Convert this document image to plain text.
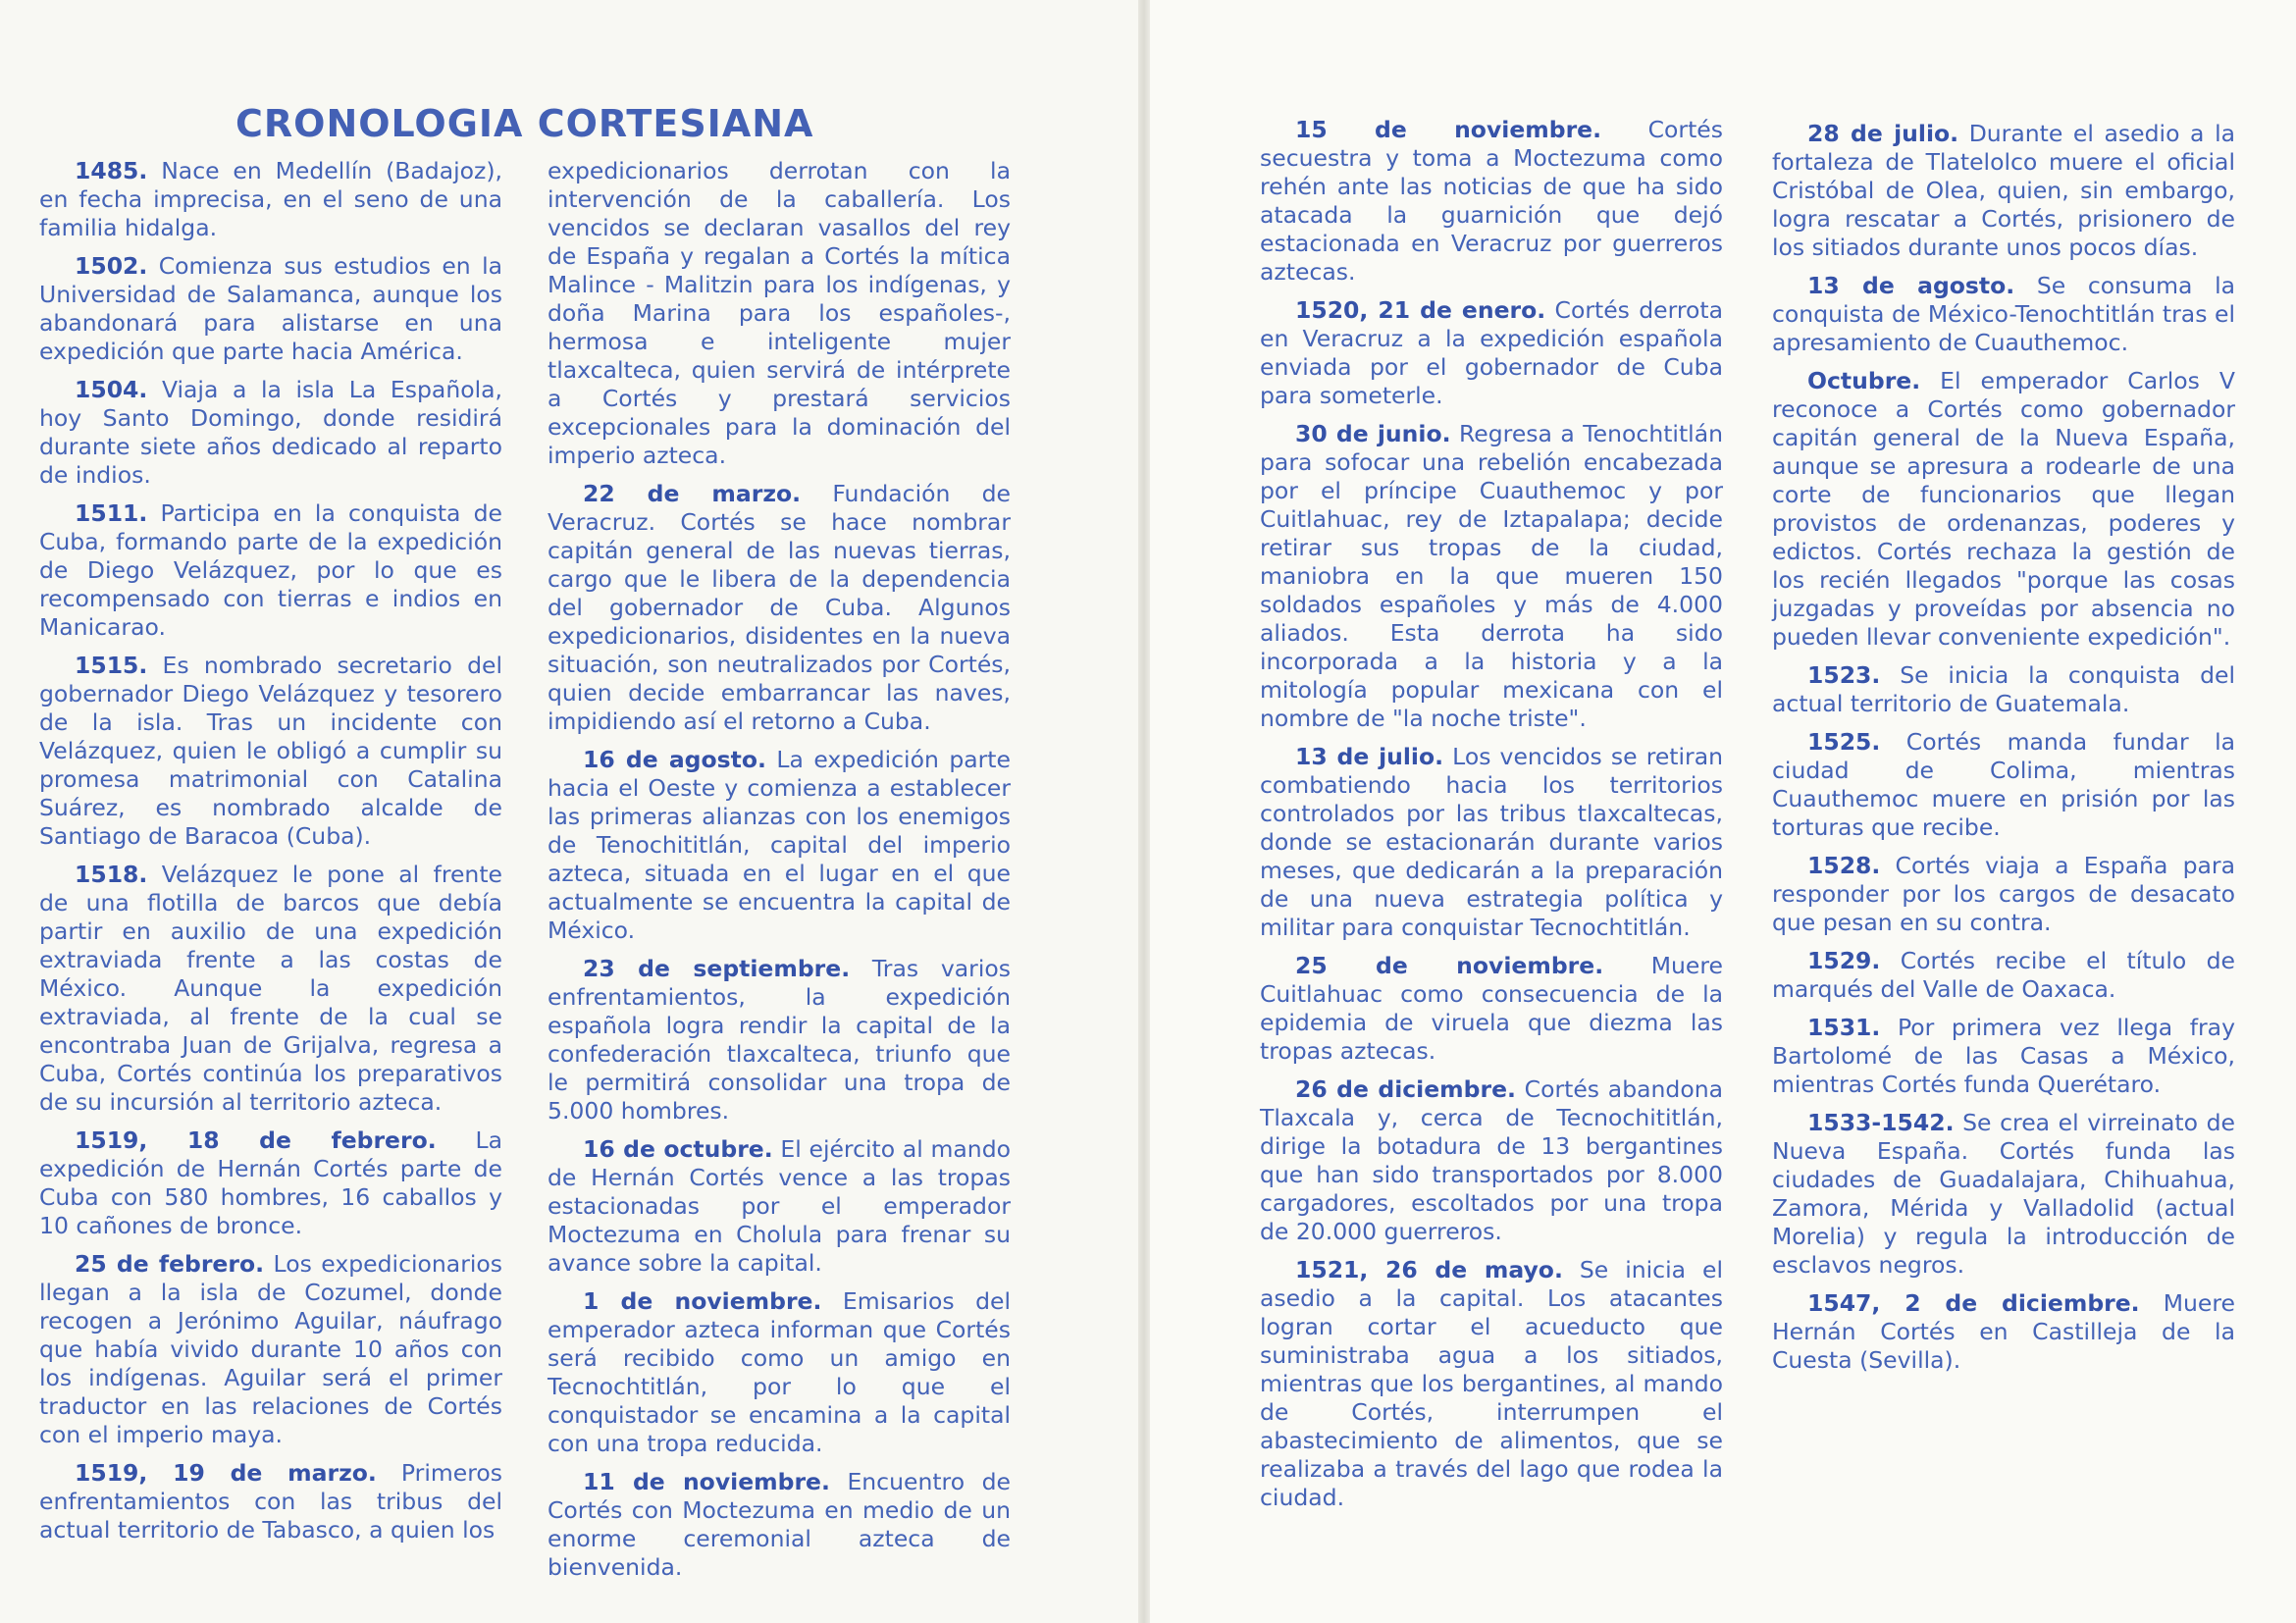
CRONOLOGIA CORTESIANA

1485. Nace en Medellín (Badajoz), en fecha imprecisa, en el seno de una familia hidalga.

1502. Comienza sus estudios en la Universidad de Salamanca, aunque los abandonará para alistarse en una expedición que parte hacia América.

1504. Viaja a la isla La Española, hoy Santo Domingo, donde residirá durante siete años dedicado al reparto de indios.

1511. Participa en la conquista de Cuba, formando parte de la expedición de Diego Velázquez, por lo que es recompensado con tierras e indios en Manicarao.

1515. Es nombrado secretario del gobernador Diego Velázquez y tesorero de la isla. Tras un incidente con Velázquez, quien le obligó a cumplir su promesa matrimonial con Catalina Suárez, es nombrado alcalde de Santiago de Baracoa (Cuba).

1518. Velázquez le pone al frente de una flotilla de barcos que debía partir en auxilio de una expedición extraviada frente a las costas de México. Aunque la expedición extraviada, al frente de la cual se encontraba Juan de Grijalva, regresa a Cuba, Cortés continúa los preparativos de su incursión al territorio azteca.

1519, 18 de febrero. La expedición de Hernán Cortés parte de Cuba con 580 hombres, 16 caballos y 10 cañones de bronce.

25 de febrero. Los expedicionarios llegan a la isla de Cozumel, donde recogen a Jerónimo Aguilar, náufrago que había vivido durante 10 años con los indígenas. Aguilar será el primer traductor en las relaciones de Cortés con el imperio maya.

1519, 19 de marzo. Primeros enfrentamientos con las tribus del actual territorio de Tabasco, a quien los

expedicionarios derrotan con la intervención de la caballería. Los vencidos se declaran vasallos del rey de España y regalan a Cortés la mítica Malince - Malitzin para los indígenas, y doña Marina para los españoles-, hermosa e inteligente mujer tlaxcalteca, quien servirá de intérprete a Cortés y prestará servicios excepcionales para la dominación del imperio azteca.

22 de marzo. Fundación de Veracruz. Cortés se hace nombrar capitán general de las nuevas tierras, cargo que le libera de la dependencia del gobernador de Cuba. Algunos expedicionarios, disidentes en la nueva situación, son neutralizados por Cortés, quien decide embarrancar las naves, impidiendo así el retorno a Cuba.

16 de agosto. La expedición parte hacia el Oeste y comienza a establecer las primeras alianzas con los enemigos de Tenochititlán, capital del imperio azteca, situada en el lugar en el que actualmente se encuentra la capital de México.

23 de septiembre. Tras varios enfrentamientos, la expedición española logra rendir la capital de la confederación tlaxcalteca, triunfo que le permitirá consolidar una tropa de 5.000 hombres.

16 de octubre. El ejército al mando de Hernán Cortés vence a las tropas estacionadas por el emperador Moctezuma en Cholula para frenar su avance sobre la capital.

1 de noviembre. Emisarios del emperador azteca informan que Cortés será recibido como un amigo en Tecnochtitlán, por lo que el conquistador se encamina a la capital con una tropa reducida.

11 de noviembre. Encuentro de Cortés con Moctezuma en medio de un enorme ceremonial azteca de bienvenida.

15 de noviembre. Cortés secuestra y toma a Moctezuma como rehén ante las noticias de que ha sido atacada la guarnición que dejó estacionada en Veracruz por guerreros aztecas.

1520, 21 de enero. Cortés derrota en Veracruz a la expedición española enviada por el gobernador de Cuba para someterle.

30 de junio. Regresa a Tenochtitlán para sofocar una rebelión encabezada por el príncipe Cuauthemoc y por Cuitlahuac, rey de Iztapalapa; decide retirar sus tropas de la ciudad, maniobra en la que mueren 150 soldados españoles y más de 4.000 aliados. Esta derrota ha sido incorporada a la historia y a la mitología popular mexicana con el nombre de "la noche triste".

13 de julio. Los vencidos se retiran combatiendo hacia los territorios controlados por las tribus tlaxcaltecas, donde se estacionarán durante varios meses, que dedicarán a la preparación de una nueva estrategia política y militar para conquistar Tecnochtitlán.

25 de noviembre. Muere Cuitlahuac como consecuencia de la epidemia de viruela que diezma las tropas aztecas.

26 de diciembre. Cortés abandona Tlaxcala y, cerca de Tecnochititlán, dirige la botadura de 13 bergantines que han sido transportados por 8.000 cargadores, escoltados por una tropa de 20.000 guerreros.

1521, 26 de mayo. Se inicia el asedio a la capital. Los atacantes logran cortar el acueducto que suministraba agua a los sitiados, mientras que los bergantines, al mando de Cortés, interrumpen el abastecimiento de alimentos, que se realizaba a través del lago que rodea la ciudad.

28 de julio. Durante el asedio a la fortaleza de Tlatelolco muere el oficial Cristóbal de Olea, quien, sin embargo, logra rescatar a Cortés, prisionero de los sitiados durante unos pocos días.

13 de agosto. Se consuma la conquista de México-Tenochtitlán tras el apresamiento de Cuauthemoc.

Octubre. El emperador Carlos V reconoce a Cortés como gobernador capitán general de la Nueva España, aunque se apresura a rodearle de una corte de funcionarios que llegan provistos de ordenanzas, poderes y edictos. Cortés rechaza la gestión de los recién llegados "porque las cosas juzgadas y proveídas por absencia no pueden llevar conveniente expedición".

1523. Se inicia la conquista del actual territorio de Guatemala.

1525. Cortés manda fundar la ciudad de Colima, mientras Cuauthemoc muere en prisión por las torturas que recibe.

1528. Cortés viaja a España para responder por los cargos de desacato que pesan en su contra.

1529. Cortés recibe el título de marqués del Valle de Oaxaca.

1531. Por primera vez llega fray Bartolomé de las Casas a México, mientras Cortés funda Querétaro.

1533-1542. Se crea el virreinato de Nueva España. Cortés funda las ciudades de Guadalajara, Chihuahua, Zamora, Mérida y Valladolid (actual Morelia) y regula la introducción de esclavos negros.

1547, 2 de diciembre. Muere Hernán Cortés en Castilleja de la Cuesta (Sevilla).
